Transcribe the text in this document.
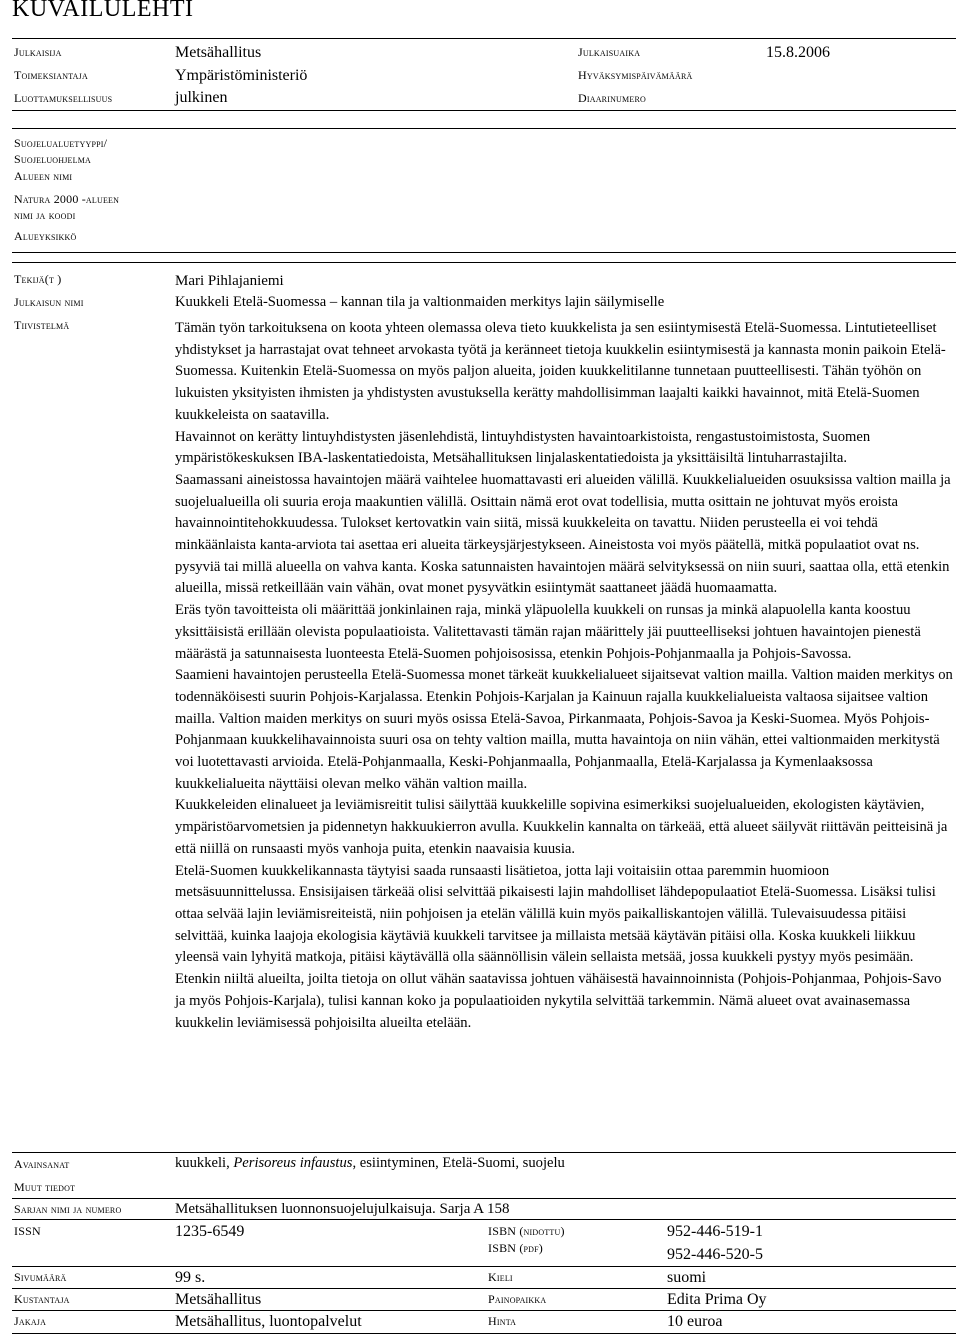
KUVAILULEHTI
Julkaisija	Metsähallitus	Julkaisuaika	15.8.2006
Toimeksiantaja	Ympäristöministeriö	Hyväksymispäivämäärä
Luottamuksellisuus	julkinen	Diaarinumero
Suojelualuetyyppi/
Suojeluohjelma
Alueen nimi
Natura 2000 -alueen
nimi ja koodi
Alueyksikkö
Tekijä(t )	Mari Pihlajaniemi
Julkaisun nimi	Kuukkeli Etelä-Suomessa – kannan tila ja valtionmaiden merkitys lajin säilymiselle
Tiivistelmä	Tämän työn tarkoituksena on koota yhteen olemassa oleva tieto kuukkelista ja sen esiintymisestä Etelä-Suomessa. Lintutieteelliset yhdistykset ja harrastajat ovat tehneet arvokasta työtä ja keränneet tietoja kuukkelin esiintymisestä ja kannasta monin paikoin Etelä-Suomessa. Kuitenkin Etelä-Suomessa on myös paljon alueita, joiden kuukkelitilanne tunnetaan puutteellisesti. Tähän työhön on lukuisten yksityisten ihmisten ja yhdistysten avustuksella kerätty mahdollisimman laajalti kaikki havainnot, mitä Etelä-Suomen kuukkeleista on saatavilla.

Havainnot on kerätty lintuyhdistysten jäsenlehdistä, lintuyhdistysten havaintoarkistoista, rengastustoimistosta, Suomen ympäristökeskuksen IBA-laskentatiedoista, Metsähallituksen linjalaskentatiedoista ja yksittäisiltä lintuharrastajilta.

Saamassani aineistossa havaintojen määrä vaihtelee huomattavasti eri alueiden välillä. Kuukkelialueiden osuuksissa valtion mailla ja suojelualueilla oli suuria eroja maakuntien välillä. Osittain nämä erot ovat todellisia, mutta osittain ne johtuvat myös eroista havainnointitehokkuudessa. Tulokset kertovatkin vain siitä, missä kuukkeleita on tavattu. Niiden perusteella ei voi tehdä minkäänlaista kanta-arviota tai asettaa eri alueita tärkeysjärjestykseen. Aineistosta voi myös päätellä, mitkä populaatiot ovat ns. pysyviä tai millä alueella on vahva kanta. Koska satunnaisten havaintojen määrä selvityksessä on niin suuri, saattaa olla, että etenkin alueilla, missä retkeillään vain vähän, ovat monet pysyvätkin esiintymät saattaneet jäädä huomaamatta.

Eräs työn tavoitteista oli määrittää jonkinlainen raja, minkä yläpuolella kuukkeli on runsas ja minkä alapuolella kanta koostuu yksittäisistä erillään olevista populaatioista. Valitettavasti tämän rajan määrittely jäi puutteelliseksi johtuen havaintojen pienestä määrästä ja satunnaisesta luonteesta Etelä-Suomen pohjoisosissa, etenkin Pohjois-Pohjanmaalla ja Pohjois-Savossa.

Saamieni havaintojen perusteella Etelä-Suomessa monet tärkeät kuukkelialueet sijaitsevat valtion mailla. Valtion maiden merkitys on todennäköisesti suurin Pohjois-Karjalassa. Etenkin Pohjois-Karjalan ja Kainuun rajalla kuukkelialueista valtaosa sijaitsee valtion mailla. Valtion maiden merkitys on suuri myös osissa Etelä-Savoa, Pirkanmaata, Pohjois-Savoa ja Keski-Suomea. Myös Pohjois-Pohjanmaan kuukkelihavainnoista suuri osa on tehty valtion mailla, mutta havaintoja on niin vähän, ettei valtionmaiden merkitystä voi luotettavasti arvioida. Etelä-Pohjanmaalla, Keski-Pohjanmaalla, Pohjanmaalla, Etelä-Karjalassa ja Kymenlaaksossa kuukkelialueita näyttäisi olevan melko vähän valtion mailla.

Kuukkeleiden elinalueet ja leviämisreitit tulisi säilyttää kuukkelille sopivina esimerkiksi suojelualueiden, ekologisten käytävien, ympäristöarvometsien ja pidennetyn hakkuukierron avulla. Kuukkelin kannalta on tärkeää, että alueet säilyvät riittävän peitteisinä ja että niillä on runsaasti myös vanhoja puita, etenkin naavaisia kuusia.

Etelä-Suomen kuukkelikannasta täytyisi saada runsaasti lisätietoa, jotta laji voitaisiin ottaa paremmin huomioon metsäsuunnittelussa. Ensisijaisen tärkeää olisi selvittää pikaisesti lajin mahdolliset lähdepopulaatiot Etelä-Suomessa. Lisäksi tulisi ottaa selvää lajin leviämisreiteistä, niin pohjoisen ja etelän välillä kuin myös paikalliskantojen välillä. Tulevaisuudessa pitäisi selvittää, kuinka laajoja ekologisia käytäviä kuukkeli tarvitsee ja millaista metsää käytävän pitäisi olla. Koska kuukkeli liikkuu yleensä vain lyhyitä matkoja, pitäisi käytävällä olla säännöllisin välein sellaista metsää, jossa kuukkeli pystyy myös pesimään. Etenkin niiltä alueilta, joilta tietoja on ollut vähän saatavissa johtuen vähäisestä havainnoinnista (Pohjois-Pohjanmaa, Pohjois-Savo ja myös Pohjois-Karjala), tulisi kannan koko ja populaatioiden nykytila selvittää tarkemmin. Nämä alueet ovat avainasemassa kuukkelin leviämisessä pohjoisilta alueilta etelään.

Avainsanat	kuukkeli, Perisoreus infaustus, esiintyminen, Etelä-Suomi, suojelu
Muut tiedot
Sarjan nimi ja numero	Metsähallituksen luonnonsuojelujulkaisuja. Sarja A 158
ISSN	1235-6549	ISBN (nidottu)	952-446-519-1
ISBN (pdf)	952-446-520-5
Sivumäärä	99 s.	Kieli	suomi
Kustantaja	Metsähallitus	Painopaikka	Edita Prima Oy
Jakaja	Metsähallitus, luontopalvelut	Hinta	10 euroa
